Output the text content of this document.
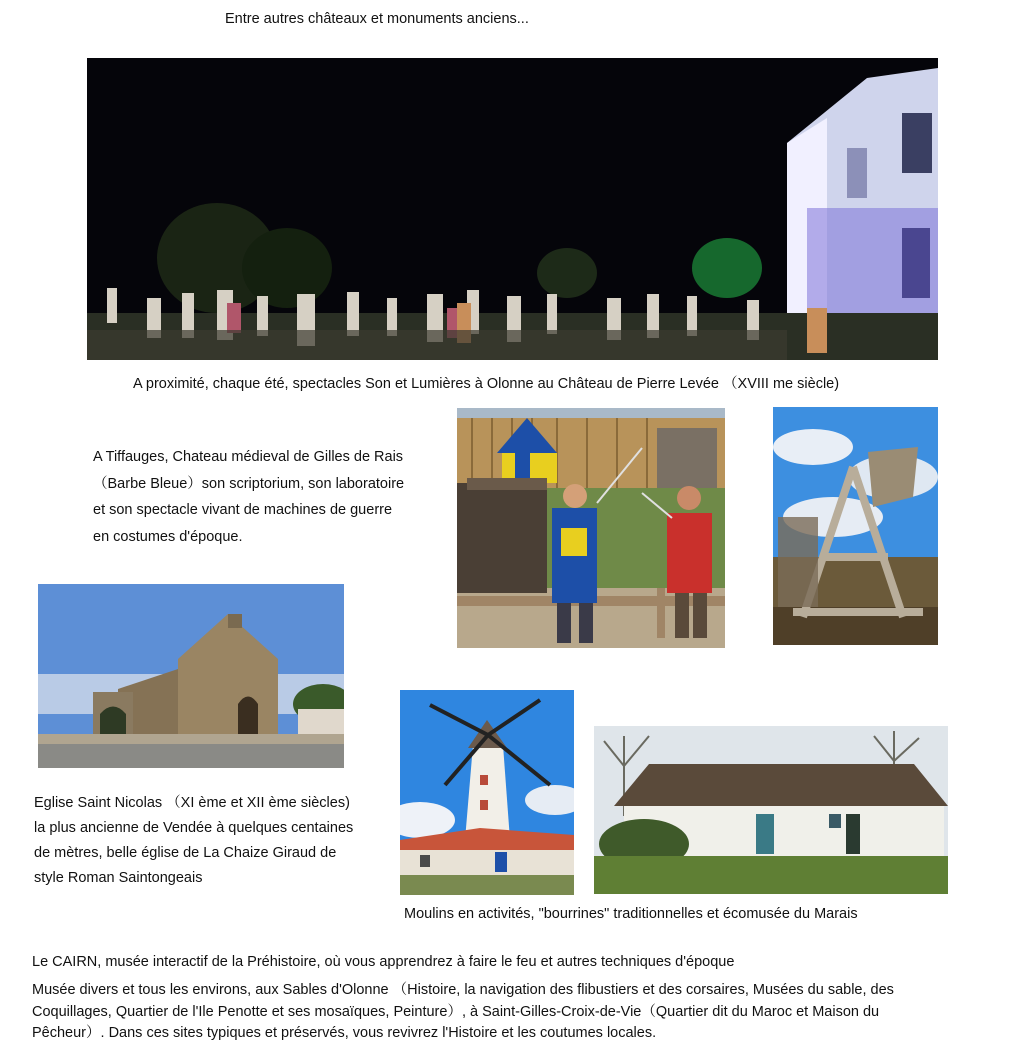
Entre autres châteaux et monuments anciens...
A proximité, chaque été, spectacles Son et Lumières à Olonne au Château de Pierre Levée （XVIII me siècle)
A Tiffauges, Chateau médieval de Gilles de Rais
（Barbe Bleue）son scriptorium, son laboratoire
et son spectacle vivant de machines de guerre
en costumes d'époque.
Eglise Saint Nicolas （XI ème et XII ème siècles)
la plus ancienne de Vendée à quelques centaines
de mètres, belle église de La Chaize Giraud de
style Roman Saintongeais
Moulins en activités, "bourrines" traditionnelles et écomusée du Marais
Le CAIRN, musée interactif de la Préhistoire, où vous apprendrez à faire le feu et autres techniques d'époque
Musée divers et tous les environs, aux Sables d'Olonne （Histoire, la navigation des flibustiers et des corsaires, Musées du sable, des
Coquillages, Quartier de l'Ile Penotte et ses mosaïques, Peinture）, à Saint-Gilles-Croix-de-Vie（Quartier dit du Maroc et Maison du
Pêcheur）. Dans ces sites typiques et préservés, vous revivrez l'Histoire et les coutumes locales.
